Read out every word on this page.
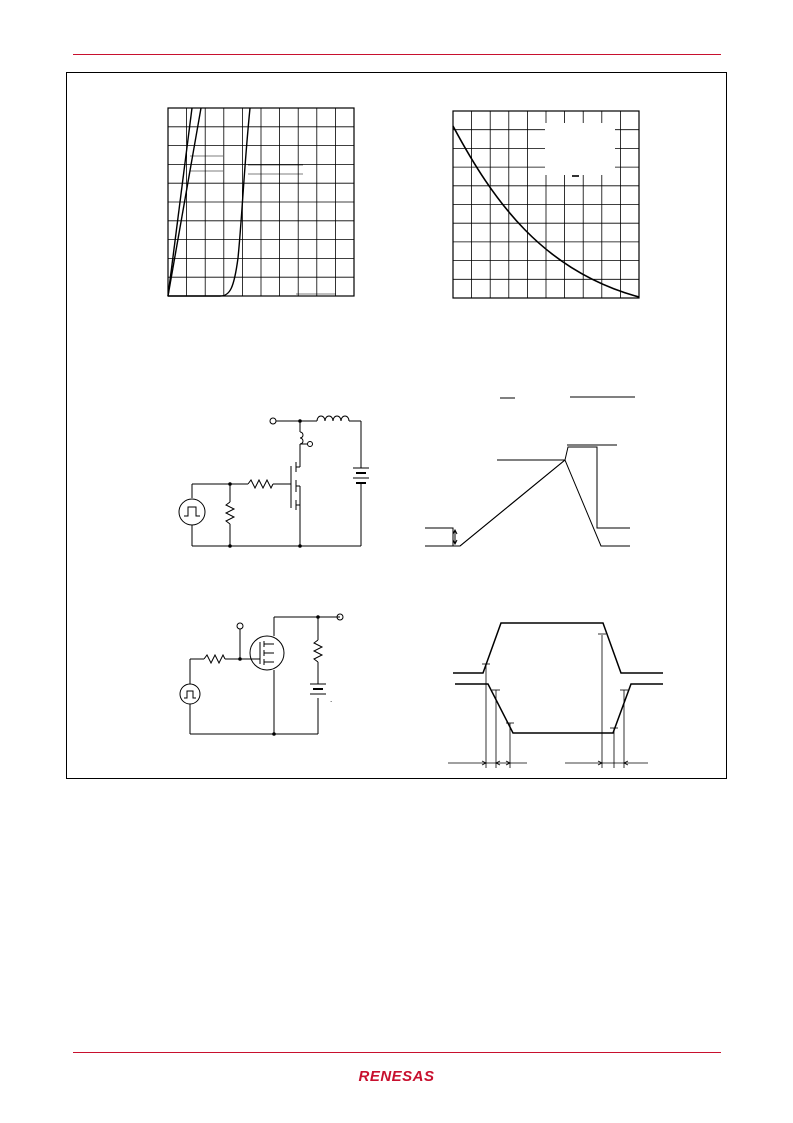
.
RENESAS
